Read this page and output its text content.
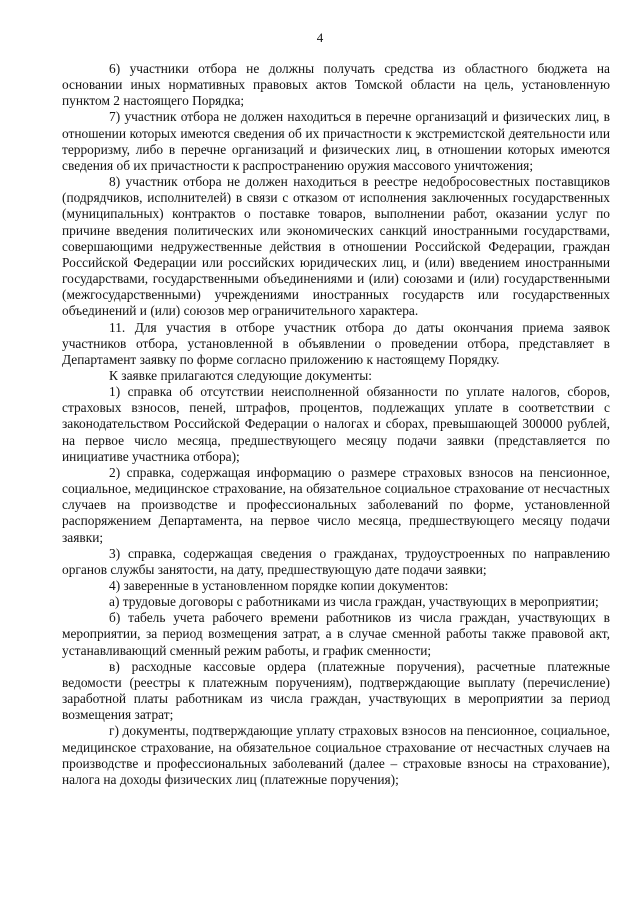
4

6) участники отбора не должны получать средства из областного бюджета на основании иных нормативных правовых актов Томской области на цель, установленную пунктом 2 настоящего Порядка;

7) участник отбора не должен находиться в перечне организаций и физических лиц, в отношении которых имеются сведения об их причастности к экстремистской деятельности или терроризму, либо в перечне организаций и физических лиц, в отношении которых имеются сведения об их причастности к распространению оружия массового уничтожения;

8) участник отбора не должен находиться в реестре недобросовестных поставщиков (подрядчиков, исполнителей) в связи с отказом от исполнения заключенных государственных (муниципальных) контрактов о поставке товаров, выполнении работ, оказании услуг по причине введения политических или экономических санкций иностранными государствами, совершающими недружественные действия в отношении Российской Федерации, граждан Российской Федерации или российских юридических лиц, и (или) введением иностранными государствами, государственными объединениями и (или) союзами и (или) государственными (межгосударственными) учреждениями иностранных государств или государственных объединений и (или) союзов мер ограничительного характера.

11. Для участия в отборе участник отбора до даты окончания приема заявок участников отбора, установленной в объявлении о проведении отбора, представляет в Департамент заявку по форме согласно приложению к настоящему Порядку.

К заявке прилагаются следующие документы:

1) справка об отсутствии неисполненной обязанности по уплате налогов, сборов, страховых взносов, пеней, штрафов, процентов, подлежащих уплате в соответствии с законодательством Российской Федерации о налогах и сборах, превышающей 300000 рублей, на первое число месяца, предшествующего месяцу подачи заявки (представляется по инициативе участника отбора);

2) справка, содержащая информацию о размере страховых взносов на пенсионное, социальное, медицинское страхование, на обязательное социальное страхование от несчастных случаев на производстве и профессиональных заболеваний по форме, установленной распоряжением Департамента, на первое число месяца, предшествующего месяцу подачи заявки;

3) справка, содержащая сведения о гражданах, трудоустроенных по направлению органов службы занятости, на дату, предшествующую дате подачи заявки;

4) заверенные в установленном порядке копии документов:

а) трудовые договоры с работниками из числа граждан, участвующих в мероприятии;

б) табель учета рабочего времени работников из числа граждан, участвующих в мероприятии, за период возмещения затрат, а в случае сменной работы также правовой акт, устанавливающий сменный режим работы, и график сменности;

в) расходные кассовые ордера (платежные поручения), расчетные платежные ведомости (реестры к платежным поручениям), подтверждающие выплату (перечисление) заработной платы работникам из числа граждан, участвующих в мероприятии за период возмещения затрат;

г) документы, подтверждающие уплату страховых взносов на пенсионное, социальное, медицинское страхование, на обязательное социальное страхование от несчастных случаев на производстве и профессиональных заболеваний (далее – страховые взносы на страхование), налога на доходы физических лиц (платежные поручения);
